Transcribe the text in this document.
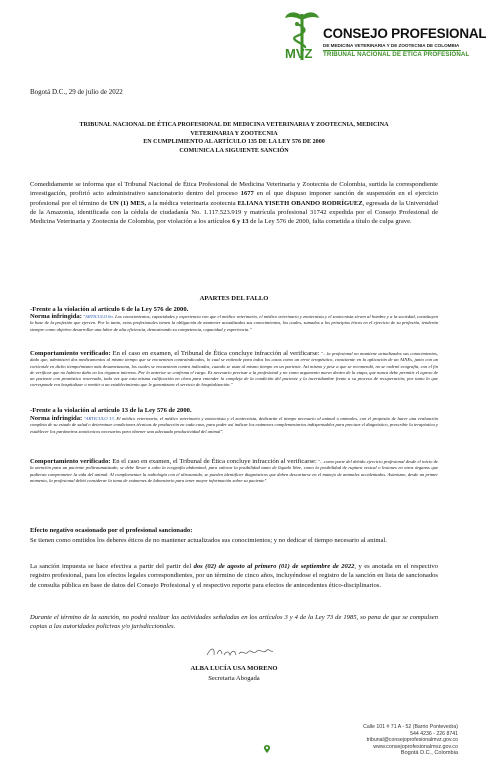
MVZ
CONSEJO PROFESIONAL
DE MEDICINA VETERINARIA Y DE ZOOTECNIA DE COLOMBIA
TRIBUNAL NACIONAL DE ÉTICA PROFESIONAL
Bogotá D.C., 29 de julio de 2022
TRIBUNAL NACIONAL DE ÉTICA PROFESIONAL DE MEDICINA VETERINARIA Y ZOOTECNIA, MEDICINA
VETERINARIA Y ZOOTECNIA
EN CUMPLIMIENTO AL ARTÍCULO 135 DE LA LEY 576 DE 2000
COMUNICA LA SIGUIENTE SANCIÓN
Comedidamente se informa que el Tribunal Nacional de Ética Profesional de Medicina Veterinaria y Zootecnia de Colombia, surtida la correspondiente investigación, profirió acto administrativo sancionatorio dentro del proceso 1677 en el que dispuso imponer sanción de suspensión en el ejercicio profesional por el término de UN (1) MES, a la médica veterinaria zootecnia ELIANA YISETH OBANDO RODRÍGUEZ, egresada de la Universidad de la Amazonia, identificada con la cédula de ciudadanía No. 1.117.523.919 y matrícula profesional 31742 expedida por el Consejo Profesional de Medicina Veterinaria y Zootecnia de Colombia, por violación a los artículos 6 y 13 de la Ley 576 de 2000, falta cometida a título de culpa grave.
APARTES DEL FALLO
-Frente a la violación al artículo 6 de la Ley 576 de 2000.
Norma infringida: "ARTICULO 6o. Los conocimientos, capacidades y experiencia con que el médico veterinario, el médico veterinario y zootecnista y el zootecnista sirven al hombre y a la sociedad, constituyen la base de la profesión que ejercen. Por lo tanto, estos profesionales tienen la obligación de mantener actualizados sus conocimientos, los cuales, sumados a los principios éticos en el ejercicio de su profesión, tenderán siempre como objetivo desarrollar una labor de alta eficiencia, demostrando su competencia, capacidad y experiencia."
Comportamiento verificado: En el caso en examen, el Tribunal de Ética concluye infracción al verificarse: "…la profesional no mantiene actualizados sus conocimientos, dado que, administró dos medicamentos al mismo tiempo que se encuentran contraindicados, lo cual se entiende para todos los casos como un error terapéutico, consistente en la aplicación de un AINEs, junto con un corticoide en dicho tiempo/mismo más dexametasona, los cuales se encuentran contra indicados, cuando se usan al mismo tiempo en un paciente. Así mismo y pese a que se recomendó, no se ordenó ecografía, con el fin de verificar que no hubiera daño en los órganos internos. Por lo anterior se confirma el cargo. Es necesario precisar a la profesional y no como argumento nuevo dentro de la etapa, que nunca debe permitir el egreso de un paciente con pronóstico reservado, toda vez que esta misma calificación en clara para entender la compleja de la condición del paciente y la incertidumbre frente a su proceso de recuperación; por tanto lo que corresponde era hospitalizar o remitir a un establecimiento que le garantizara el servicio de hospitalización."
-Frente a la violación al artículo 13 de la Ley 576 de 2000.
Norma infringida: "ARTICULO 13. El médico veterinario, el médico veterinario y zootecnista y el zootecnista, dedicarán el tiempo necesario al animal o animales, con el propósito de hacer una evaluación completa de su estado de salud o determinar condiciones técnicas de producción en cada caso, para poder así indicar los exámenes complementarios indispensables para precisar el diagnóstico, prescribir la terapéutica y establecer los parámetros zootécnicos necesarios para obtener una adecuada productividad del animal".
Comportamiento verificado: En el caso en examen, el Tribunal de Ética concluye infracción al verificarse: "…como parte del debido ejercicio profesional desde el inicio de la atención para un paciente politraumatizado, se debe llevar a cabo la ecografía abdominal, para valorar la posibilidad tanto de líquido libre, como la posibilidad de ruptura vesical o lesiones en otros órganos que pudieran comprometer la vida del animal. Al complementar la radiología con el ultrasonido, se pueden identificar diagnósticos que deben descartarse en el manejo de animales accidentados. Asimismo, desde un primer momento, la profesional debió considerar la toma de exámenes de laboratorio para tener mayor información sobre su paciente".
Efecto negativo ocasionado por el profesional sancionado:
Se tienen como omitidos los deberes éticos de no mantener actualizados sus conocimientos; y no dedicar el tiempo necesario al animal.
La sanción impuesta se hace efectiva a partir del partir del dos (02) de agosto al primero (01) de septiembre de 2022, y es anotada en el respectivo registro profesional, para los efectos legales correspondientes, por un término de cinco años, incluyéndose el registro de la sanción en lista de sancionados de consulta pública en base de datos del Consejo Profesional y el respectivo reporte para efectos de antecedentes ético-disciplinarios.
Durante el término de la sanción, no podrá realizar las actividades señaladas en los artículos 3 y 4 de la Ley 73 de 1985, so pena de que se compulsen copias a las autoridades policivas y/o jurisdiccionales.
ALBA LUCÍA USA MORENO
Secretaria Abogada
Calle 101 # 71 A - 52 (Barrio Pontevedra)
544 4236 - 226 8741
tribunal@consejoprofesionalmvz.gov.co
www.consejoprofesionalmvz.gov.co
Bogotá D.C., Colombia
